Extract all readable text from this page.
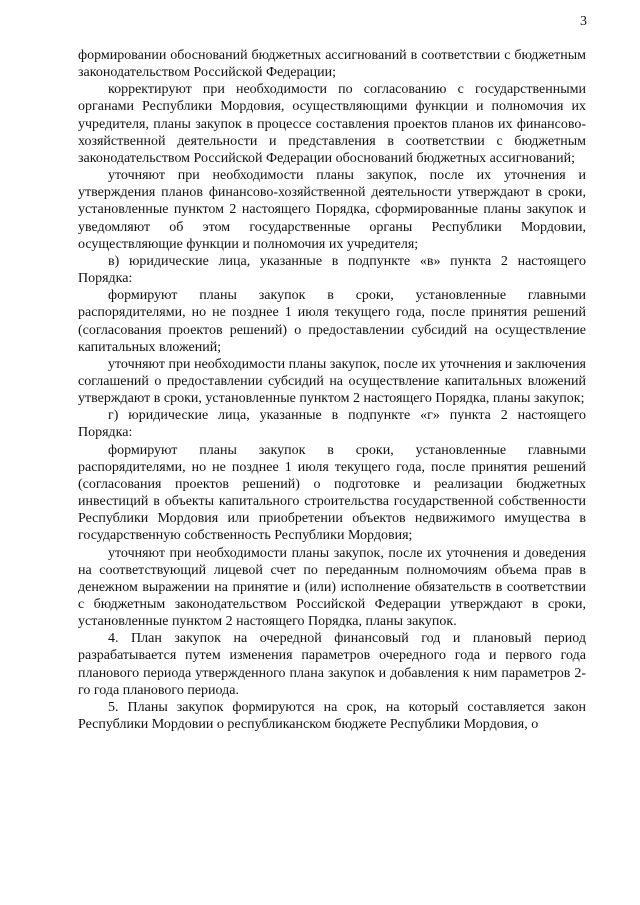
3

формировании обоснований бюджетных ассигнований в соответствии с бюджетным законодательством Российской Федерации;

корректируют при необходимости по согласованию с государственными органами Республики Мордовия, осуществляющими функции и полномочия их учредителя, планы закупок в процессе составления проектов планов их финансово-хозяйственной деятельности и представления в соответствии с бюджетным законодательством Российской Федерации обоснований бюджетных ассигнований;

уточняют при необходимости планы закупок, после их уточнения и утверждения планов финансово-хозяйственной деятельности утверждают в сроки, установленные пунктом 2 настоящего Порядка, сформированные планы закупок и уведомляют об этом государственные органы Республики Мордовии, осуществляющие функции и полномочия их учредителя;

в) юридические лица, указанные в подпункте «в» пункта 2 настоящего Порядка:

формируют планы закупок в сроки, установленные главными распорядителями, но не позднее 1 июля текущего года, после принятия решений (согласования проектов решений) о предоставлении субсидий на осуществление капитальных вложений;

уточняют при необходимости планы закупок, после их уточнения и заключения соглашений о предоставлении субсидий на осуществление капитальных вложений утверждают в сроки, установленные пунктом 2 настоящего Порядка, планы закупок;

г) юридические лица, указанные в подпункте «г» пункта 2 настоящего Порядка:

формируют планы закупок в сроки, установленные главными распорядителями, но не позднее 1 июля текущего года, после принятия решений (согласования проектов решений) о подготовке и реализации бюджетных инвестиций в объекты капитального строительства государственной собственности Республики Мордовия или приобретении объектов недвижимого имущества в государственную собственность Республики Мордовия;

уточняют при необходимости планы закупок, после их уточнения и доведения на соответствующий лицевой счет по переданным полномочиям объема прав в денежном выражении на принятие и (или) исполнение обязательств в соответствии с бюджетным законодательством Российской Федерации утверждают в сроки, установленные пунктом 2 настоящего Порядка, планы закупок.

4. План закупок на очередной финансовый год и плановый период разрабатывается путем изменения параметров очередного года и первого года планового периода утвержденного плана закупок и добавления к ним параметров 2-го года планового периода.

5. Планы закупок формируются на срок, на который составляется закон Республики Мордовии о республиканском бюджете Республики Мордовия, о
